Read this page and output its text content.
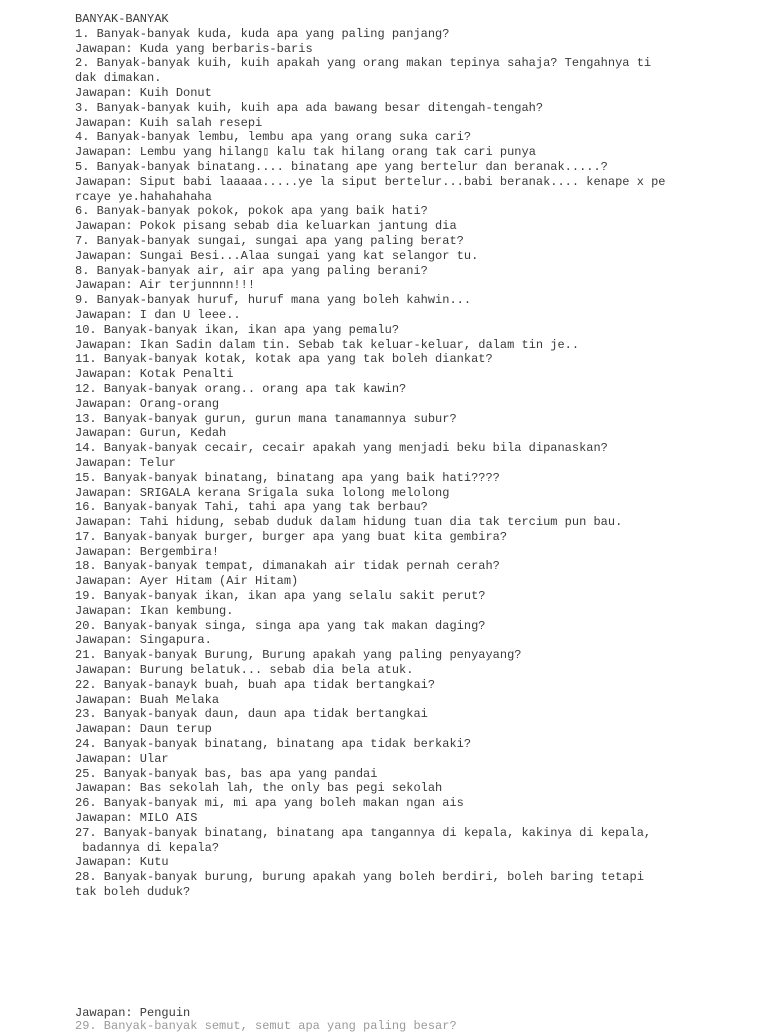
BANYAK-BANYAK
1. Banyak-banyak kuda, kuda apa yang paling panjang?
Jawapan: Kuda yang berbaris-baris
2. Banyak-banyak kuih, kuih apakah yang orang makan tepinya sahaja? Tengahnya ti
dak dimakan.
Jawapan: Kuih Donut
3. Banyak-banyak kuih, kuih apa ada bawang besar ditengah-tengah?
Jawapan: Kuih salah resepi
4. Banyak-banyak lembu, lembu apa yang orang suka cari?
Jawapan: Lembu yang hilang▯ kalu tak hilang orang tak cari punya
5. Banyak-banyak binatang.... binatang ape yang bertelur dan beranak.....?
Jawapan: Siput babi laaaaa.....ye la siput bertelur...babi beranak.... kenape x pe
rcaye ye.hahahahaha
6. Banyak-banyak pokok, pokok apa yang baik hati?
Jawapan: Pokok pisang sebab dia keluarkan jantung dia
7. Banyak-banyak sungai, sungai apa yang paling berat?
Jawapan: Sungai Besi...Alaa sungai yang kat selangor tu.
8. Banyak-banyak air, air apa yang paling berani?
Jawapan: Air terjunnnn!!!
9. Banyak-banyak huruf, huruf mana yang boleh kahwin...
Jawapan: I dan U leee..
10. Banyak-banyak ikan, ikan apa yang pemalu?
Jawapan: Ikan Sadin dalam tin. Sebab tak keluar-keluar, dalam tin je..
11. Banyak-banyak kotak, kotak apa yang tak boleh diankat?
Jawapan: Kotak Penalti
12. Banyak-banyak orang.. orang apa tak kawin?
Jawapan: Orang-orang
13. Banyak-banyak gurun, gurun mana tanamannya subur?
Jawapan: Gurun, Kedah
14. Banyak-banyak cecair, cecair apakah yang menjadi beku bila dipanaskan?
Jawapan: Telur
15. Banyak-banyak binatang, binatang apa yang baik hati????
Jawapan: SRIGALA kerana Srigala suka lolong melolong
16. Banyak-banyak Tahi, tahi apa yang tak berbau?
Jawapan: Tahi hidung, sebab duduk dalam hidung tuan dia tak tercium pun bau.
17. Banyak-banyak burger, burger apa yang buat kita gembira?
Jawapan: Bergembira!
18. Banyak-banyak tempat, dimanakah air tidak pernah cerah?
Jawapan: Ayer Hitam (Air Hitam)
19. Banyak-banyak ikan, ikan apa yang selalu sakit perut?
Jawapan: Ikan kembung.
20. Banyak-banyak singa, singa apa yang tak makan daging?
Jawapan: Singapura.
21. Banyak-banyak Burung, Burung apakah yang paling penyayang?
Jawapan: Burung belatuk... sebab dia bela atuk.
22. Banyak-banayk buah, buah apa tidak bertangkai?
Jawapan: Buah Melaka
23. Banyak-banyak daun, daun apa tidak bertangkai
Jawapan: Daun terup
24. Banyak-banyak binatang, binatang apa tidak berkaki?
Jawapan: Ular
25. Banyak-banyak bas, bas apa yang pandai
Jawapan: Bas sekolah lah, the only bas pegi sekolah
26. Banyak-banyak mi, mi apa yang boleh makan ngan ais
Jawapan: MILO AIS
27. Banyak-banyak binatang, binatang apa tangannya di kepala, kakinya di kepala,
badannya di kepala?
Jawapan: Kutu
28. Banyak-banyak burung, burung apakah yang boleh berdiri, boleh baring tetapi
tak boleh duduk?
Jawapan: Penguin
29. Banyak-banyak semut, semut apa yang paling besar?
